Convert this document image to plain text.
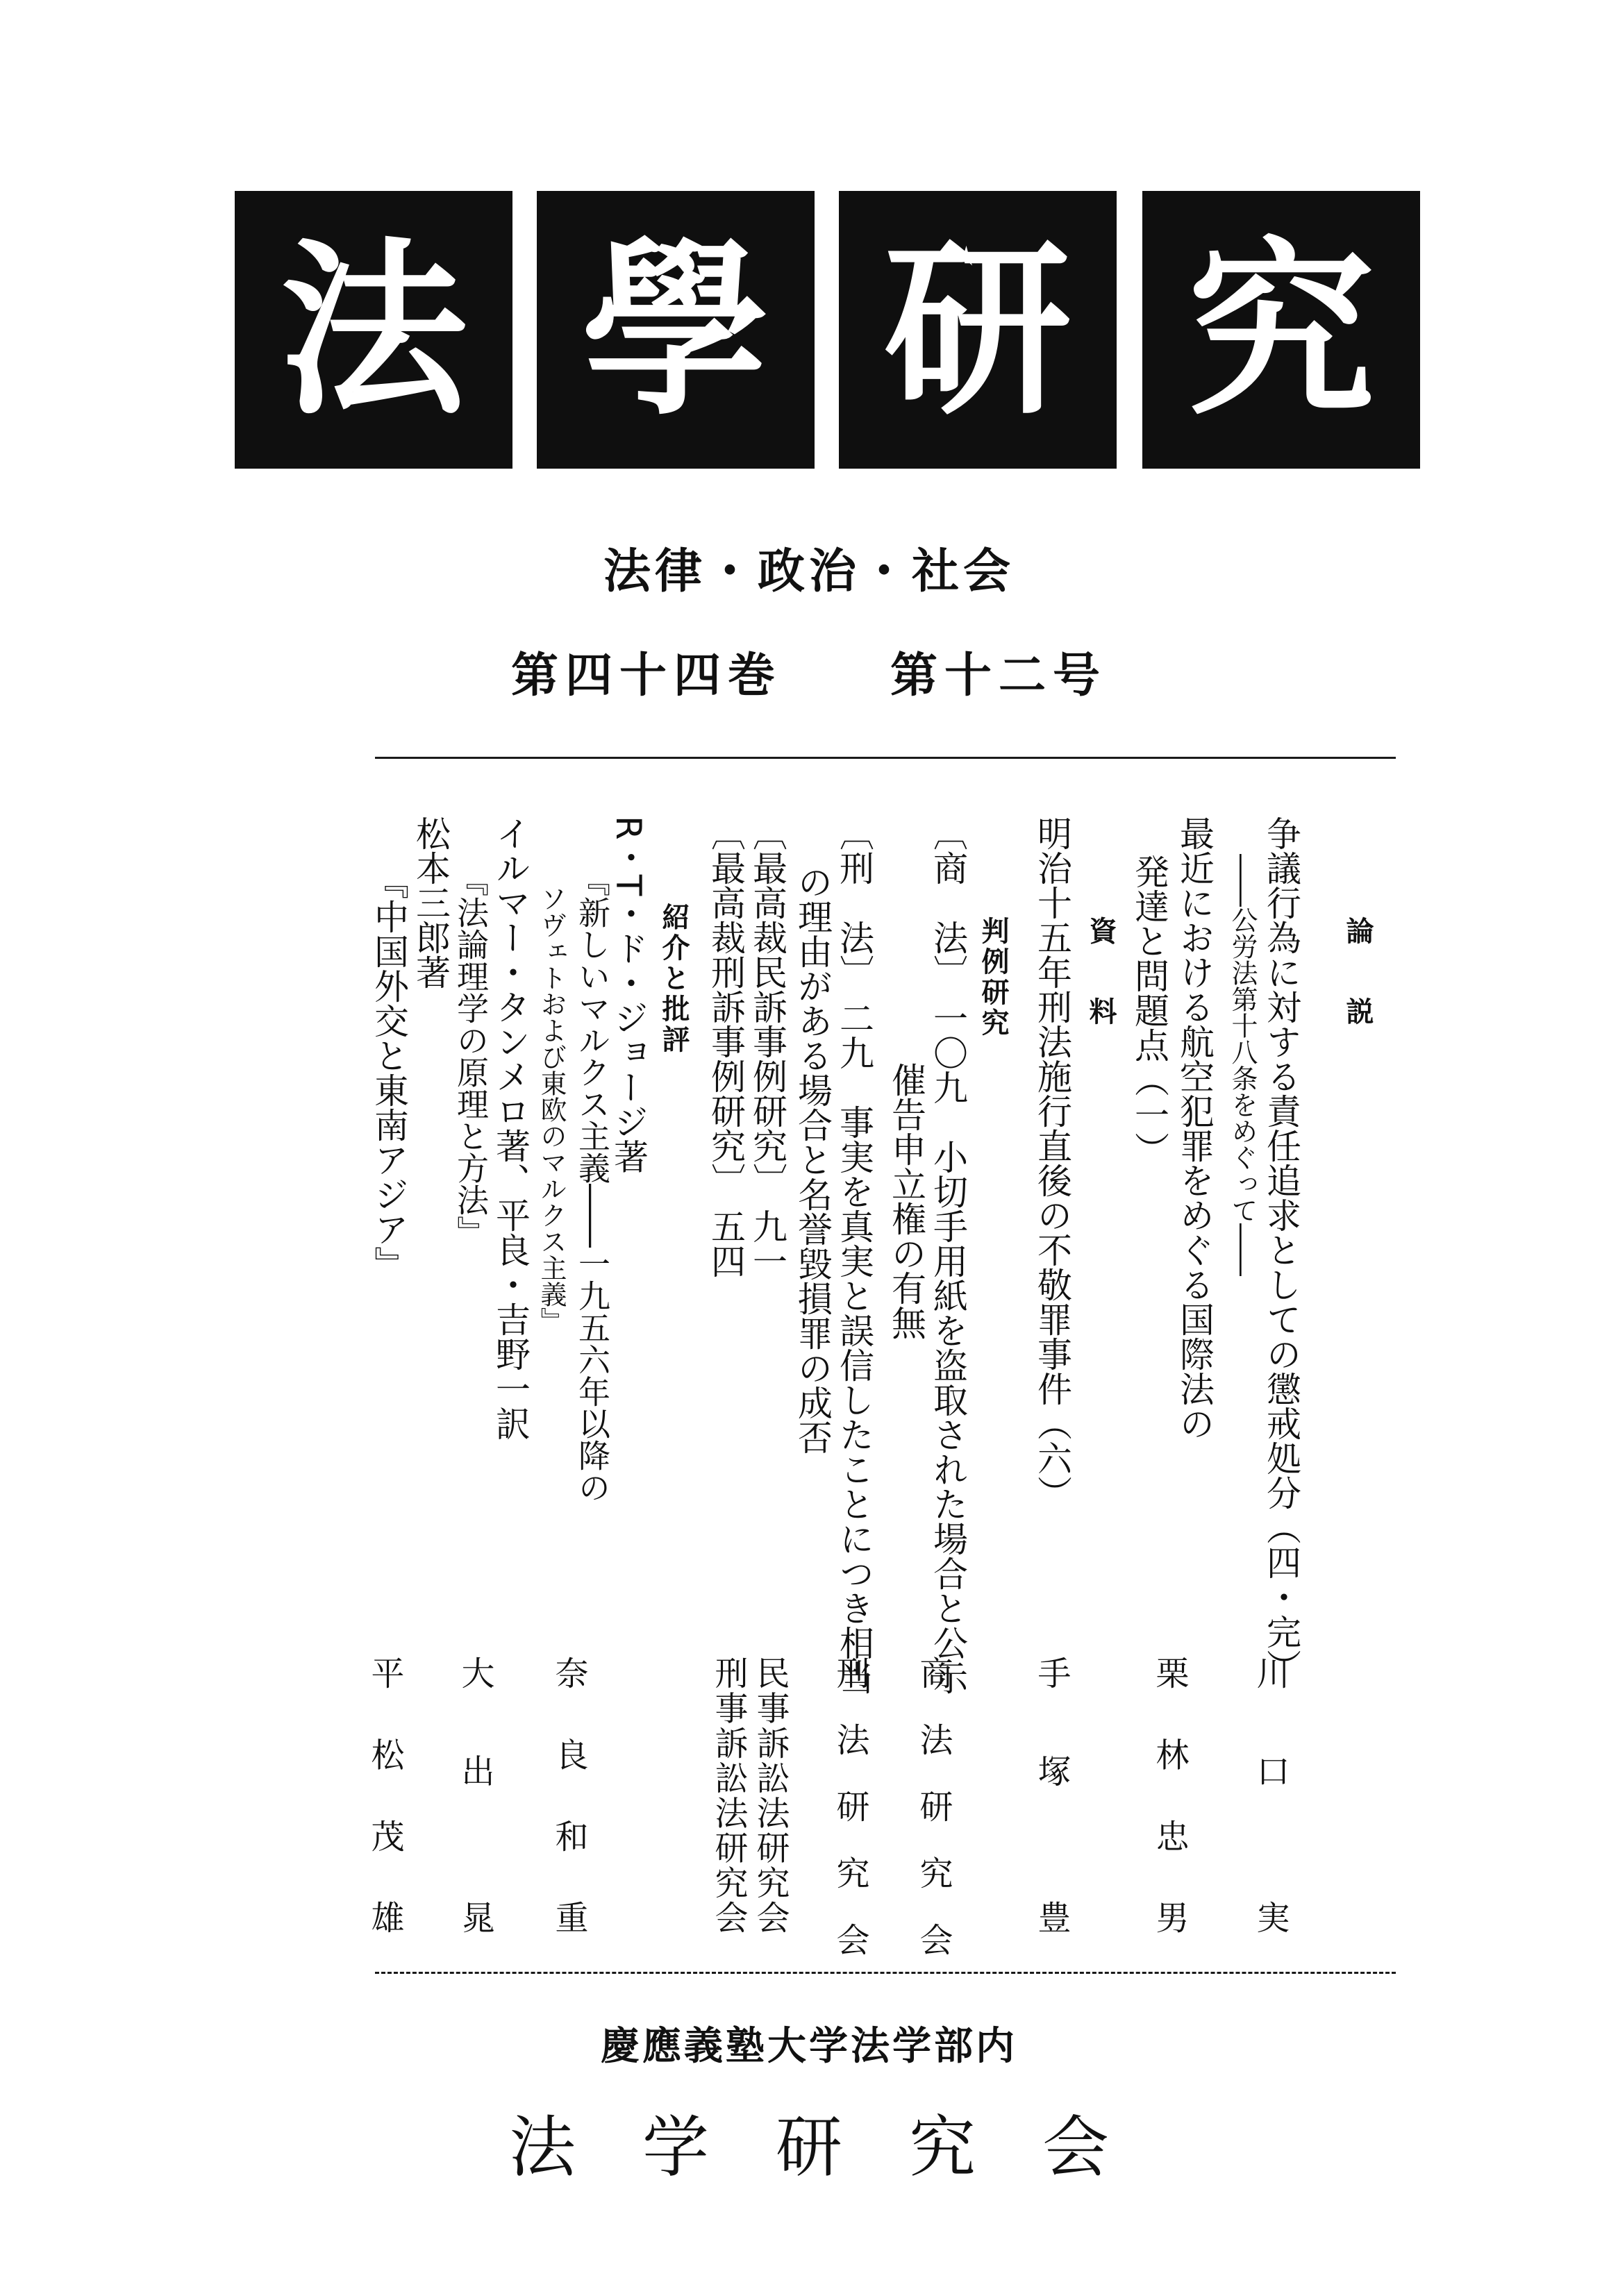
法 學 研 究
法律・政治・社会
第四十四巻　　第十二号
論　説
争議行為に対する責任追求としての懲戒処分（四・完）
――公労法第十八条をめぐって――
最近における航空犯罪をめぐる国際法の
発達と問題点（一）
資　料
明治十五年刑法施行直後の不敬罪事件（六）
判例研究
〔商　法〕 一〇九　小切手用紙を盗取された場合と公示
催告申立権の有無
〔刑　法〕 二九　事実を真実と誤信したことにつき相当
の理由がある場合と名誉毀損罪の成否
〔最高裁民訴事例研究〕 九一
〔最高裁刑訴事例研究〕 五四
紹介と批評
R・T・ド・ジョージ著
『新しいマルクス主義――一九五六年以降の
ソヴェトおよび東欧のマルクス主義』
イルマー・タンメロ著、平良・吉野一訳
『法論理学の原理と方法』
松本三郎著
『中国外交と東南アジア』
川　口　　実
栗　林　忠　男
手　塚　　豊
商　法　研　究　会
刑　法　研　究　会
民事訴訟法研究会
刑事訴訟法研究会
奈　良　和　重
大　出　　晁
平　松　茂　雄
慶應義塾大学法学部内
法　学　研　究　会
